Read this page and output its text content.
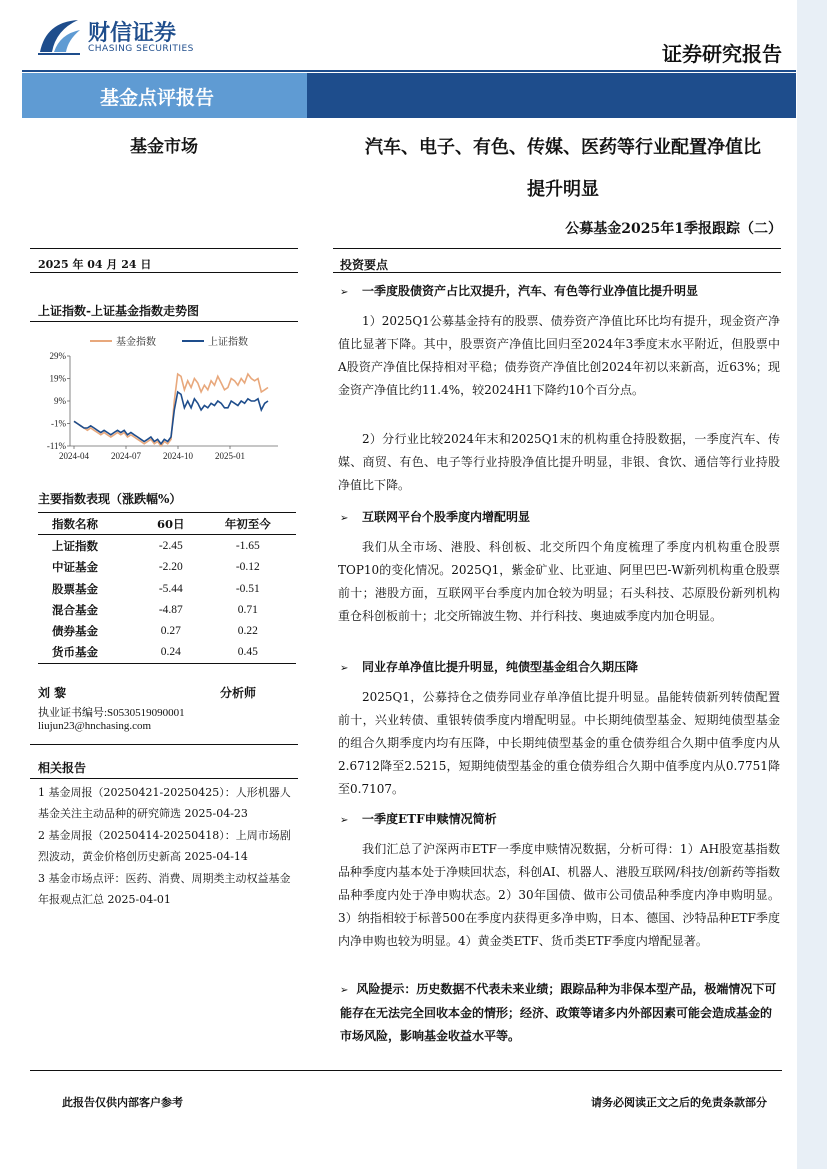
财信证券
CHASING SECURITIES	证券研究报告
基金点评报告
基金市场	汽车、电子、有色、传媒、医药等行业配置净值比
提升明显
公募基金2025年1季报跟踪（二）
2025 年 04 月 24 日
上证指数-上证基金指数走势图
29%
19%
9%
-1%
-11%
2024-04 2024-07 2024-10 2025-01
基金指数	上证指数
主要指数表现（涨跌幅%）
指数名称	60日	年初至今
上证指数	-2.45	-1.65
中证基金	-2.20	-0.12
股票基金	-5.44	-0.51
混合基金	-4.87	0.71
债券基金	0.27	0.22
货币基金	0.24	0.45
刘 黎	分析师
执业证书编号:S0530519090001
liujun23@hnchasing.com
相关报告
1 基金周报（20250421-20250425）：人形机器人基金关注主动品种的研究筛选 2025-04-23
2 基金周报（20250414-20250418）：上周市场剧烈波动，黄金价格创历史新高 2025-04-14
3 基金市场点评：医药、消费、周期类主动权益基金年报观点汇总 2025-04-01
投资要点
➢ 一季度股债资产占比双提升，汽车、有色等行业净值比提升明显
1）2025Q1公募基金持有的股票、债券资产净值比环比均有提升，现金资产净值比显著下降。其中，股票资产净值比回归至2024年3季度末水平附近，但股票中A股资产净值比保持相对平稳；债券资产净值比创2024年初以来新高，近63%；现金资产净值比约11.4%，较2024H1下降约10个百分点。
2）分行业比较2024年末和2025Q1末的机构重仓持股数据，一季度汽车、传媒、商贸、有色、电子等行业持股净值比提升明显，非银、食饮、通信等行业持股净值比下降。
➢ 互联网平台个股季度内增配明显
我们从全市场、港股、科创板、北交所四个角度梳理了季度内机构重仓股票TOP10的变化情况。2025Q1，紫金矿业、比亚迪、阿里巴巴-W新列机构重仓股票前十；港股方面，互联网平台季度内加仓较为明显；石头科技、芯原股份新列机构重仓科创板前十；北交所锦波生物、并行科技、奥迪威季度内加仓明显。
➢ 同业存单净值比提升明显，纯债型基金组合久期压降
2025Q1，公募持仓之债券同业存单净值比提升明显。晶能转债新列转债配置前十，兴业转债、重银转债季度内增配明显。中长期纯债型基金、短期纯债型基金的组合久期季度内均有压降，中长期纯债型基金的重仓债券组合久期中值季度内从2.6712降至2.5215，短期纯债型基金的重仓债券组合久期中值季度内从0.7751降至0.7107。
➢ 一季度ETF申赎情况简析
我们汇总了沪深两市ETF一季度申赎情况数据，分析可得：1）AH股宽基指数品种季度内基本处于净赎回状态，科创AI、机器人、港股互联网/科技/创新药等指数品种季度内处于净申购状态。2）30年国债、做市公司债品种季度内净申购明显。3）纳指相较于标普500在季度内获得更多净申购，日本、德国、沙特品种ETF季度内净申购也较为明显。4）黄金类ETF、货币类ETF季度内增配显著。
➢ 风险提示：历史数据不代表未来业绩；跟踪品种为非保本型产品，极端情况下可能存在无法完全回收本金的情形；经济、政策等诸多内外部因素可能会造成基金的市场风险，影响基金收益水平等。
此报告仅供内部客户参考	请务必阅读正文之后的免责条款部分
